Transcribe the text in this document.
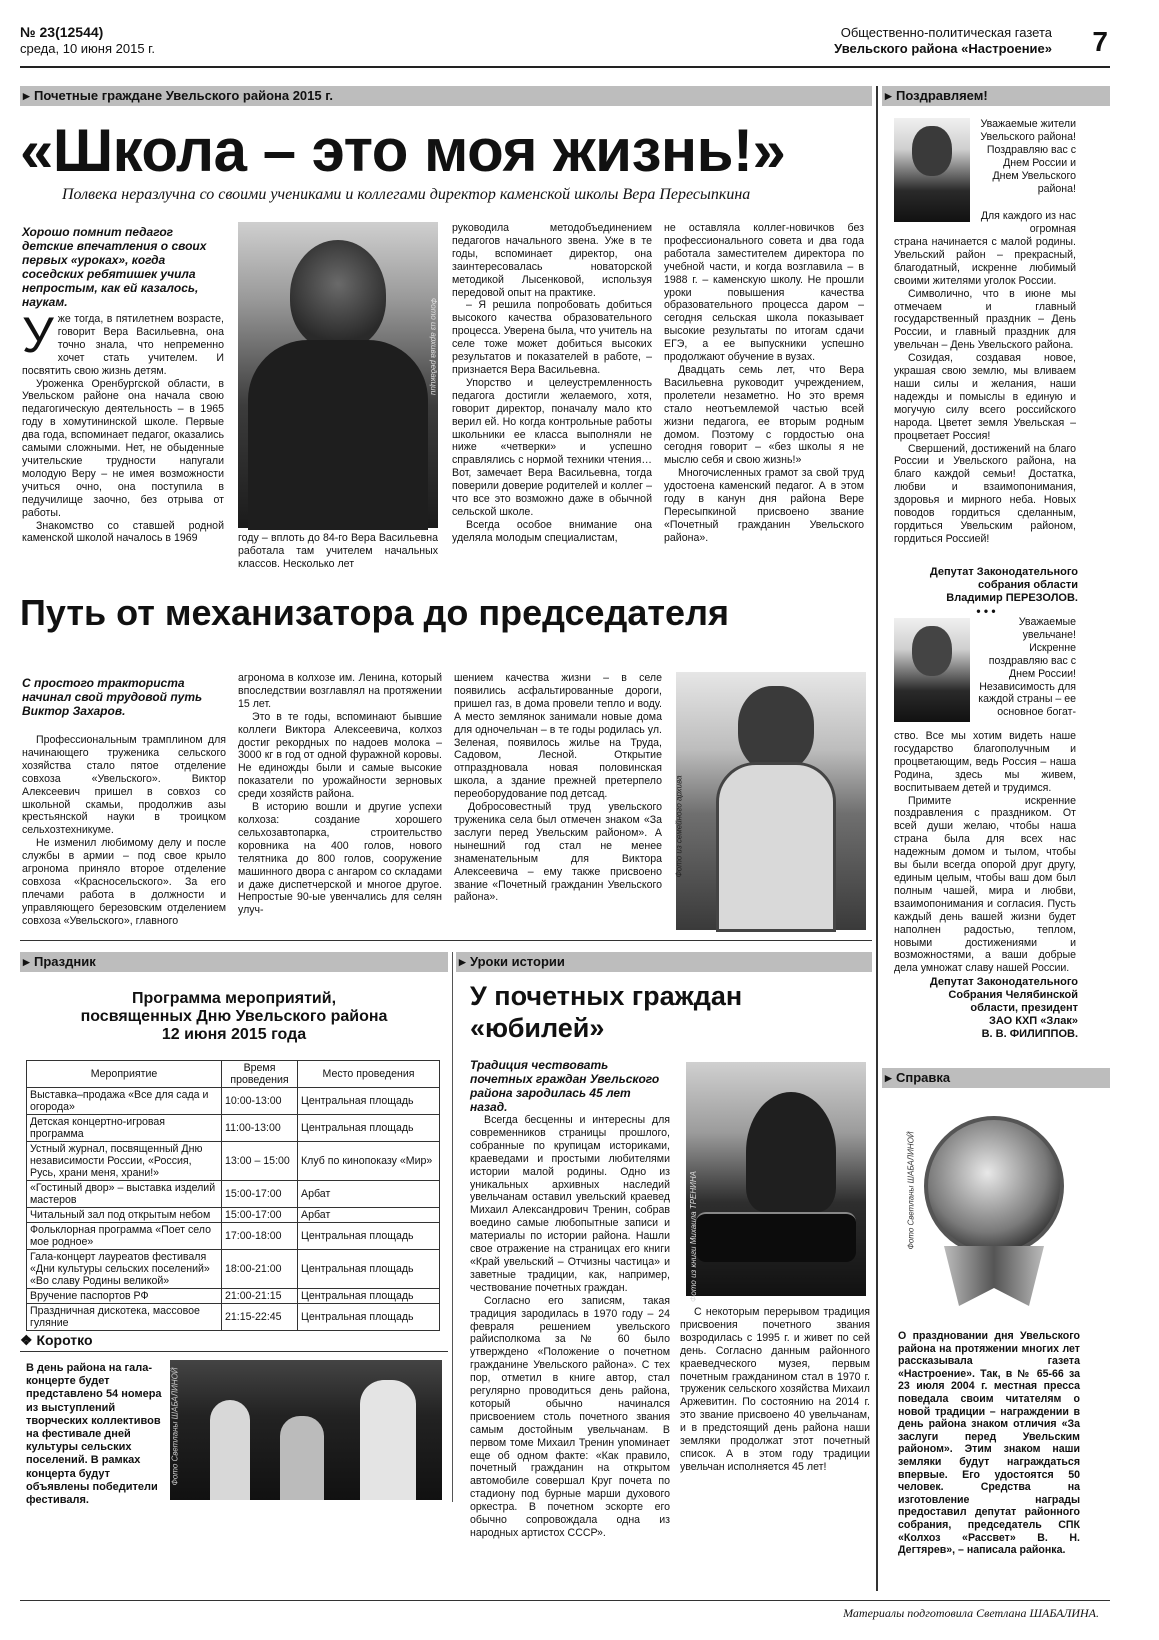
№ 23(12544)
среда, 10 июня 2015 г.
Общественно-политическая газета
Увельского района «Настроение» 7
▸ Почетные граждане Увельского района 2015 г.
«Школа – это моя жизнь!»
Полвека неразлучна со своими учениками и коллегами директор каменской школы Вера Пересыпкина
Хорошо помнит педагог детские впечатления о своих первых «уроках», когда соседских ребятишек учила непростым, как ей казалось, наукам.
У же тогда, в пятилетнем возрасте, говорит Вера Васильевна, она точно знала, что непременно хочет стать учителем. И посвятить свою жизнь детям.

Уроженка Оренбургской области, в Увельском районе она начала свою педагогическую деятельность – в 1965 году в хомутининской школе. Первые два года, вспоминает педагог, оказались самыми сложными. Нет, не обыденные учительские трудности напугали молодую Веру – не имея возможности учиться очно, она поступила в педучилище заочно, без отрыва от работы.

Знакомство со ставшей родной каменской школой началось в 1969

Фото из архива редакции

году – вплоть до 84-го Вера Васильевна работала там учителем начальных классов. Несколько лет

руководила методобъединением педагогов начального звена. Уже в те годы, вспоминает директор, она заинтересовалась новаторской методикой Лысенковой, используя передовой опыт на практике.

– Я решила попробовать добиться высокого качества образовательного процесса. Уверена была, что учитель на селе тоже может добиться высоких результатов и показателей в работе, – признается Вера Васильевна.

Упорство и целеустремленность педагога достигли желаемого, хотя, говорит директор, поначалу мало кто верил ей. Но когда контрольные работы школьники ее класса выполняли не ниже «четверки» и успешно справлялись с нормой техники чтения… Вот, замечает Вера Васильевна, тогда поверили доверие родителей и коллег – что все это возможно даже в обычной сельской школе.

Всегда особое внимание она уделяла молодым специалистам,

не оставляла коллег-новичков без профессионального совета и два года работала заместителем директора по учебной части, и когда возглавила – в 1988 г. – каменскую школу. Не прошли уроки повышения качества образовательного процесса даром – сегодня сельская школа показывает высокие результаты по итогам сдачи ЕГЭ, а ее выпускники успешно продолжают обучение в вузах.

Двадцать семь лет, что Вера Васильевна руководит учреждением, пролетели незаметно. Но это время стало неотъемлемой частью всей жизни педагога, ее вторым родным домом. Поэтому с гордостью она сегодня говорит – «без школы я не мыслю себя и свою жизнь!»

Многочисленных грамот за свой труд удостоена каменский педагог. А в этом году в канун дня района Вере Пересыпкиной присвоено звание «Почетный гражданин Увельского района».

Путь от механизатора до председателя
С простого тракториста начинал свой трудовой путь Виктор Захаров.

Профессиональным трамплином для начинающего труженика сельского хозяйства стало пятое отделение совхоза «Увельского». Виктор Алексеевич пришел в совхоз со школьной скамьи, продолжив азы крестьянской науки в троицком сельхозтехникуме.

Не изменил любимому делу и после службы в армии – под свое крыло агронома приняло второе отделение совхоза «Красносельского». За его плечами работа в должности и управляющего березовским отделением совхоза «Увельского», главного

агронома в колхозе им. Ленина, который впоследствии возглавлял на протяжении 15 лет.

Это в те годы, вспоминают бывшие коллеги Виктора Алексеевича, колхоз достиг рекордных по надоев молока – 3000 кг в год от одной фуражной коровы. Не единожды были и самые высокие показатели по урожайности зерновых среди хозяйств района.

В историю вошли и другие успехи колхоза: создание хорошего сельхозавтопарка, строительство коровника на 400 голов, нового телятника до 800 голов, сооружение машинного двора с ангаром со складами и даже диспетчерской и многое другое. Непростые 90-ые увенчались для селян улуч-

шением качества жизни – в селе появились асфальтированные дороги, пришел газ, в дома провели тепло и воду. А место землянок занимали новые дома для одночельчан – в те годы родилась ул. Зеленая, появилось жилье на Труда, Садовом, Лесной. Открытие отпраздновала новая половинская школа, а здание прежней претерпело переоборудование под детсад.

Добросовестный труд увельского труженика села был отмечен знаком «За заслуги перед Увельским районом». А нынешний год стал не менее знаменательным для Виктора Алексеевича – ему также присвоено звание «Почетный гражданин Увельского района».

Фото из семейного архива
▸ Праздник
Программа мероприятий,
посвященных Дню Увельского района
12 июня 2015 года
Мероприятие	Время проведения	Место проведения
Выставка–продажа «Все для сада и огорода»	10:00-13:00	Центральная площадь
Детская концертно-игровая программа	11:00-13:00	Центральная площадь
Устный журнал, посвященный Дню независимости России, «Россия, Русь, храни меня, храни!»	13:00 – 15:00	Клуб по кинопоказу «Мир»
«Гостиный двор» – выставка изделий мастеров	15:00-17:00	Арбат
Читальный зал под открытым небом	15:00-17:00	Арбат
Фольклорная программа «Поет село мое родное»	17:00-18:00	Центральная площадь
Гала-концерт лауреатов фестиваля «Дни культуры сельских поселений» «Во славу Родины великой»	18:00-21:00	Центральная площадь
Вручение паспортов РФ	21:00-21:15	Центральная площадь
Праздничная дискотека, массовое гуляние	21:15-22:45	Центральная площадь
❖ Коротко
В день района на гала-концерте будет представлено 54 номера из выступлений творческих коллективов на фестивале дней культуры сельских поселений. В рамках концерта будут объявлены победители фестиваля.
Фото Светланы ШАБАЛИНОЙ
▸ Уроки истории
У почетных граждан
«юбилей»
Традиция чествовать почетных граждан Увельского района зародилась 45 лет назад.

Всегда бесценны и интересны для современников страницы прошлого, собранные по крупицам историками, краеведами и простыми любителями истории малой родины. Одно из уникальных архивных наследий увельчанам оставил увельский краевед Михаил Александрович Тренин, собрав воедино самые любопытные записи и материалы по истории района. Нашли свое отражение на страницах его книги «Край увельский – Отчизны частица» и заветные традиции, как, например, чествование почетных граждан.

Согласно его записям, такая традиция зародилась в 1970 году – 24 февраля решением увельского райисполкома за № 60 было утверждено «Положение о почетном гражданине Увельского района». С тех пор, отметил в книге автор, стал регулярно проводиться день района, который обычно начинался присвоением столь почетного звания самым достойным увельчанам. В первом томе Михаил Тренин упоминает еще об одном факте: «Как правило, почетный гражданин на открытом автомобиле совершал Круг почета по стадиону под бурные марши духового оркестра. В почетном эскорте его обычно сопровождала одна из народных артистох СССР».

Фото из книги Михаила ТРЕНИНА

С некоторым перерывом традиция присвоения почетного звания возродилась с 1995 г. и живет по сей день. Согласно данным районного краеведческого музея, первым почетным гражданином стал в 1970 г. труженик сельского хозяйства Михаил Аржевитин. По состоянию на 2014 г. это звание присвоено 40 увельчанам, и в предстоящий день района наши земляки продолжат этот почетный список. А в этом году традиции увельчан исполняется 45 лет!

▸ Поздравляем!
Уважаемые жители Увельского района! Поздравляю вас с Днем России и Днем Увельского района!
Для каждого из нас огромная

страна начинается с малой родины. Увельский район – прекрасный, благодатный, искренне любимый своими жителями уголок России.

Символично, что в июне мы отмечаем и главный государственный праздник – День России, и главный праздник для увельчан – День Увельского района.

Созидая, создавая новое, украшая свою землю, мы вливаем наши силы и желания, наши надежды и помыслы в единую и могучую силу всего российского народа. Цветет земля Увельская – процветает Россия!

Свершений, достижений на благо России и Увельского района, на благо каждой семьи! Достатка, любви и взаимопонимания, здоровья и мирного неба. Новых поводов гордиться сделанным, гордиться Увельским районом, гордиться Россией!

Депутат Законодательного
собрания области
Владимир ПЕРЕЗОЛОВ.
• • •
Уважаемые увельчане! Искренне поздравляю вас с Днем России! Независимость для каждой страны – ее основное богат-

ство. Все мы хотим видеть наше государство благополучным и процветающим, ведь Россия – наша Родина, здесь мы живем, воспитываем детей и трудимся.

Примите искренние поздравления с праздником. От всей души желаю, чтобы наша страна была для всех нас надежным домом и тылом, чтобы вы были всегда опорой друг другу, единым целым, чтобы ваш дом был полным чашей, мира и любви, взаимопонимания и согласия. Пусть каждый день вашей жизни будет наполнен радостью, теплом, новыми достижениями и возможностями, а ваши добрые дела умножат славу нашей России.

Депутат Законодательного
Собрания Челябинской
области, президент
ЗАО КХП «Злак»
В. В. ФИЛИППОВ.
▸ Справка
Фото Светланы ШАБАЛИНОЙ
О праздновании дня Увельского района на протяжении многих лет рассказывала газета «Настроение». Так, в № 65-66 за 23 июля 2004 г. местная пресса поведала своим читателям о новой традиции – награждении в день района знаком отличия «За заслуги перед Увельским районом». Этим знаком наши земляки будут награждаться впервые. Его удостоятся 50 человек. Средства на изготовление награды предоставил депутат районного собрания, председатель СПК «Колхоз «Рассвет» В. Н. Дегтярев», – написала районка.
Материалы подготовила Светлана ШАБАЛИНА.
